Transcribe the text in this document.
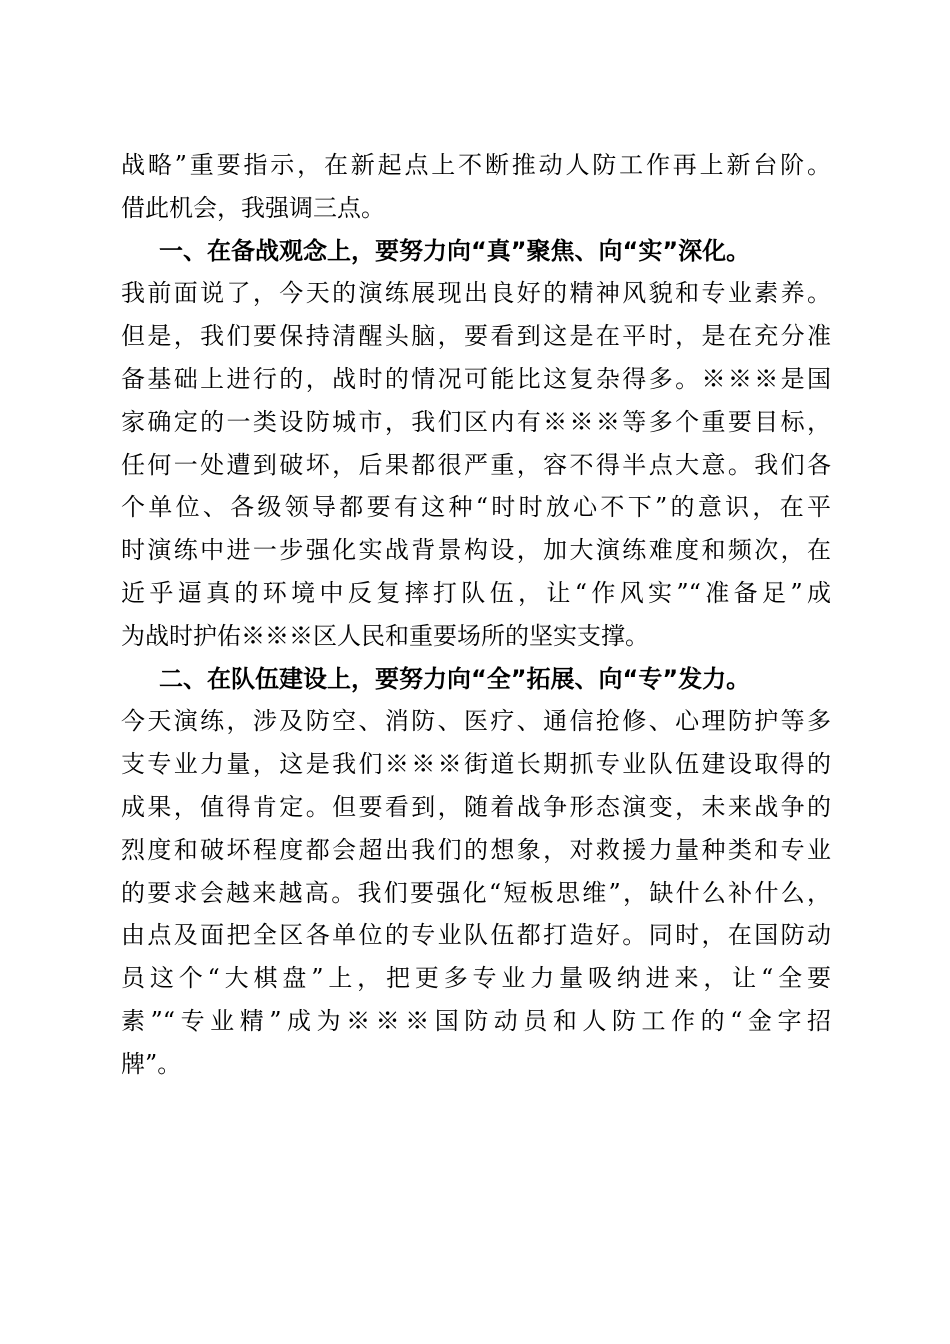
战略”重要指示，在新起点上不断推动人防工作再上新台阶。
借此机会，我强调三点。
一、在备战观念上，要努力向“真”聚焦、向“实”深化。
我前面说了，今天的演练展现出良好的精神风貌和专业素养。
但是，我们要保持清醒头脑，要看到这是在平时，是在充分准
备基础上进行的，战时的情况可能比这复杂得多。※※※是国
家确定的一类设防城市，我们区内有※※※等多个重要目标，
任何一处遭到破坏，后果都很严重，容不得半点大意。我们各
个单位、各级领导都要有这种“时时放心不下”的意识，在平
时演练中进一步强化实战背景构设，加大演练难度和频次，在
近乎逼真的环境中反复摔打队伍，让“作风实”“准备足”成
为战时护佑※※※区人民和重要场所的坚实支撑。
二、在队伍建设上，要努力向“全”拓展、向“专”发力。
今天演练，涉及防空、消防、医疗、通信抢修、心理防护等多
支专业力量，这是我们※※※街道长期抓专业队伍建设取得的
成果，值得肯定。但要看到，随着战争形态演变，未来战争的
烈度和破坏程度都会超出我们的想象，对救援力量种类和专业
的要求会越来越高。我们要强化“短板思维”，缺什么补什么，
由点及面把全区各单位的专业队伍都打造好。同时，在国防动
员这个“大棋盘”上，把更多专业力量吸纳进来，让“全要
素”“专业精”成为※※※国防动员和人防工作的“金字招
牌”。
